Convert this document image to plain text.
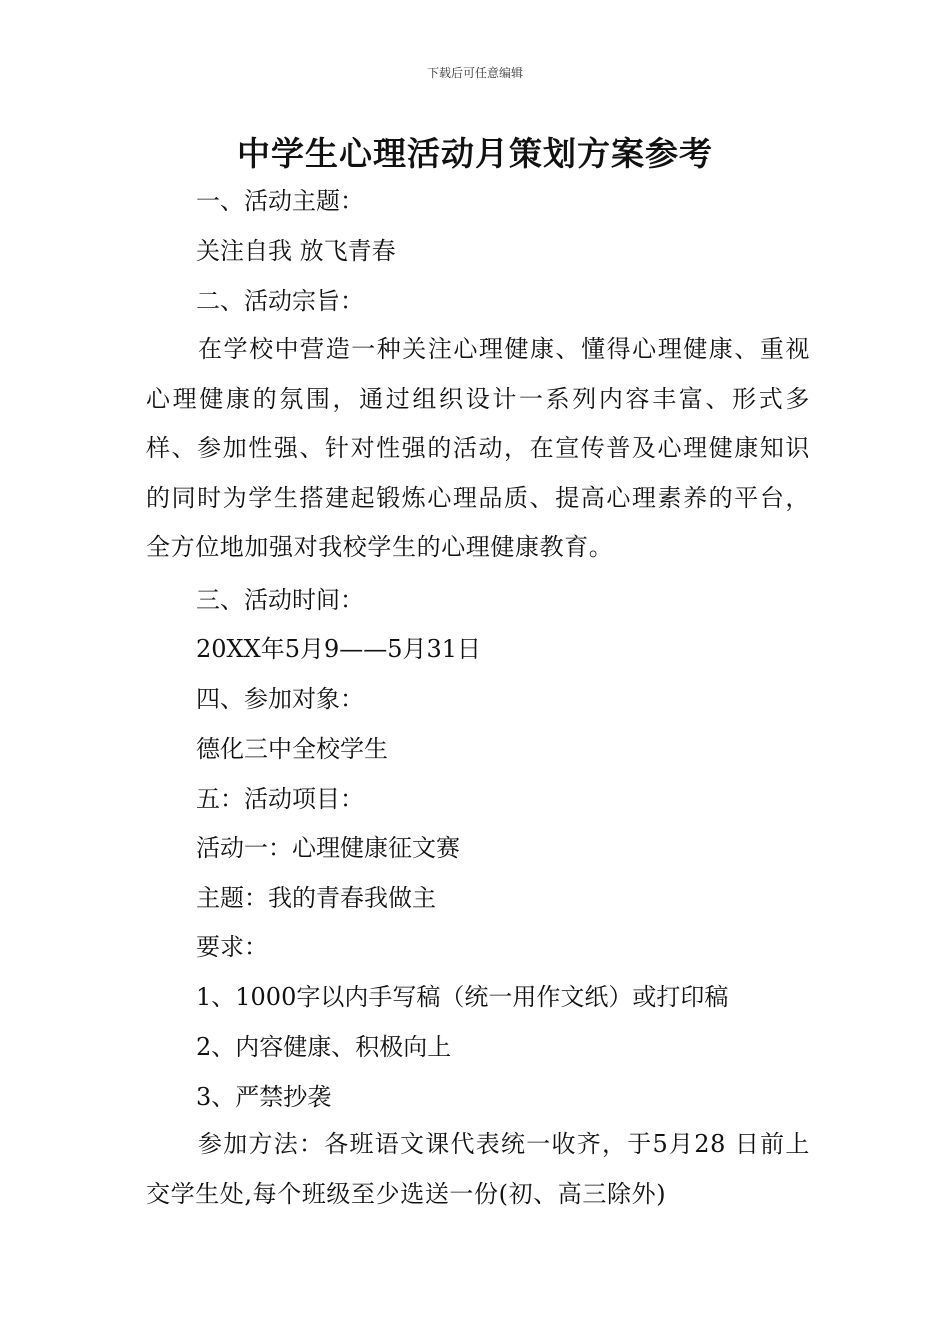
下载后可任意编辑
中学生心理活动月策划方案参考
一、活动主题：
关注自我 放飞青春
二、活动宗旨：
在学校中营造一种关注心理健康、懂得心理健康、重视心理健康的氛围，通过组织设计一系列内容丰富、形式多样、参加性强、针对性强的活动，在宣传普及心理健康知识的同时为学生搭建起锻炼心理品质、提高心理素养的平台，全方位地加强对我校学生的心理健康教育。
三、活动时间：
20XX年5月9——5月31日
四、参加对象：
德化三中全校学生
五：活动项目：
活动一：心理健康征文赛
主题：我的青春我做主
要求：
1、1000字以内手写稿（统一用作文纸）或打印稿
2、内容健康、积极向上
3、严禁抄袭
参加方法：各班语文课代表统一收齐，于5月28 日前上交学生处,每个班级至少选送一份(初、高三除外)
